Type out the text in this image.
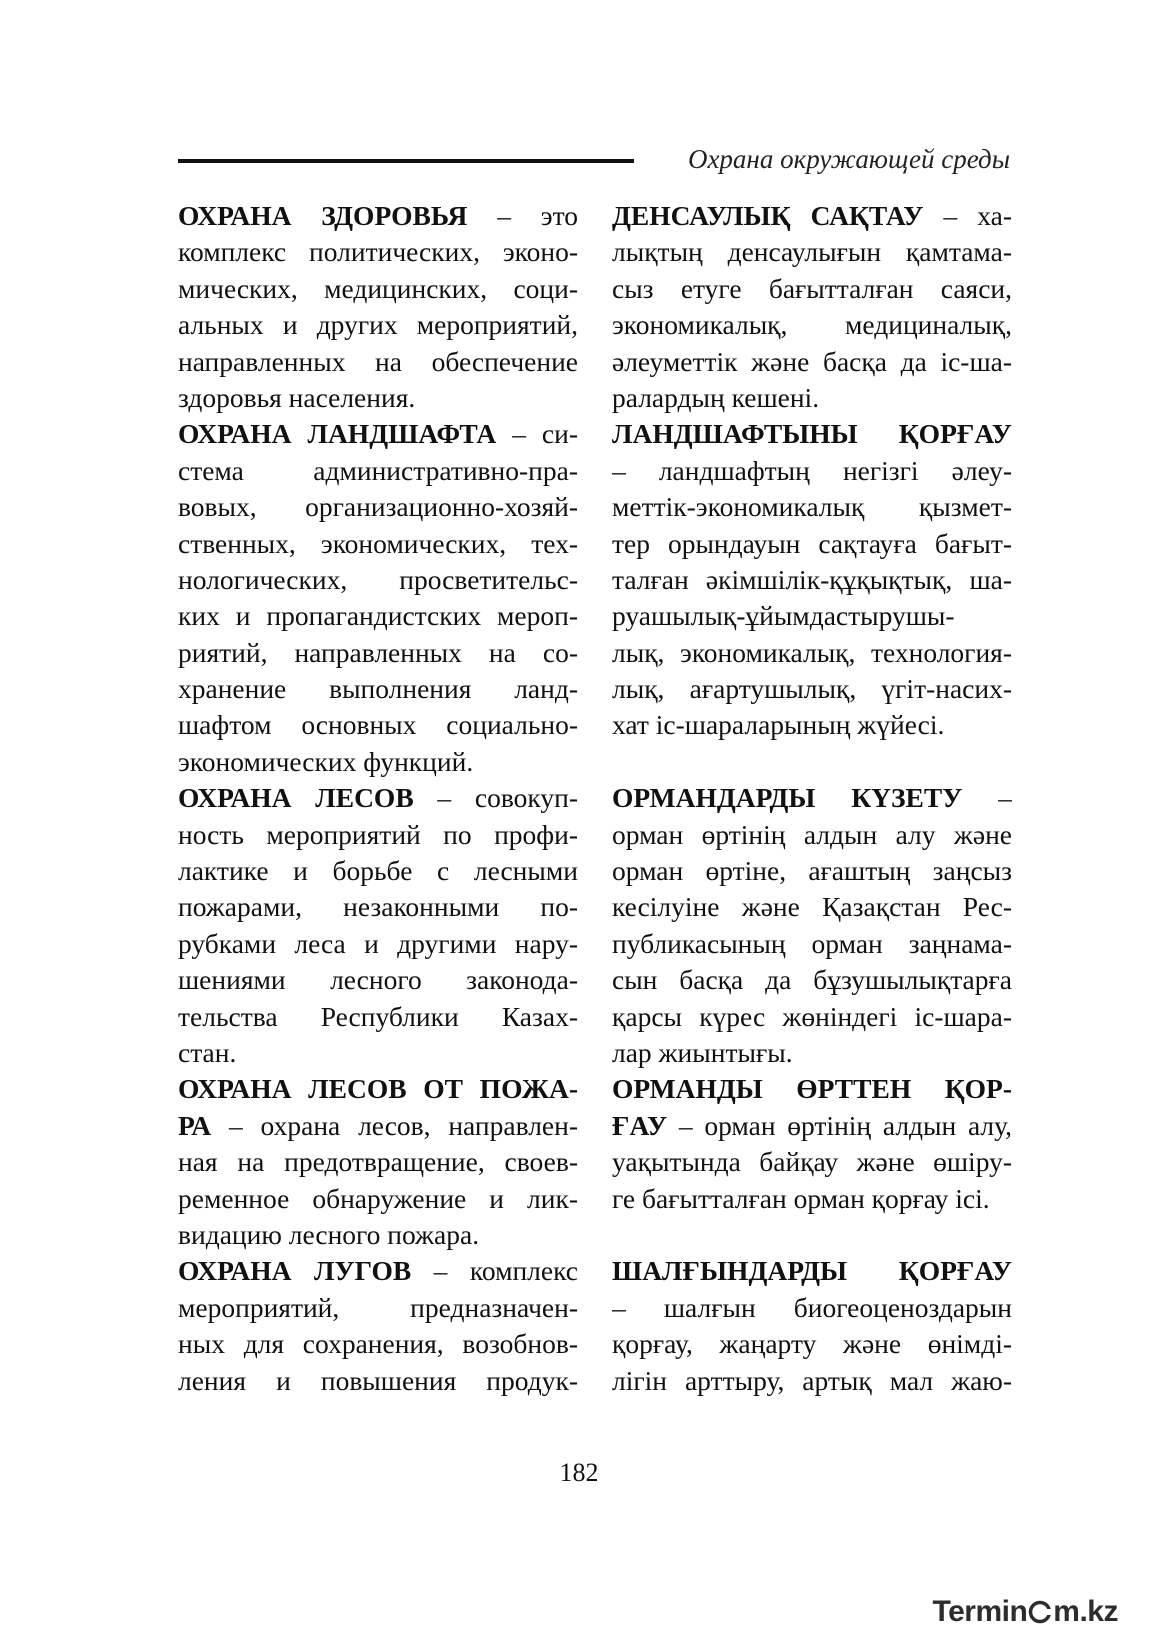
Охрана окружающей среды
ОХРАНА ЗДОРОВЬЯ – это
комплекс политических, эконо-
мических, медицинских, соци-
альных и других мероприятий,
направленных на обеспечение
здоровья населения.
ОХРАНА ЛАНДШАФТА – си-
стема административно-пра-
вовых, организационно-хозяй-
ственных, экономических, тех-
нологических, просветительс-
ких и пропагандистских мероп-
риятий, направленных на со-
хранение выполнения ланд-
шафтом основных социально-
экономических функций.
ОХРАНА ЛЕСОВ – совокуп-
ность мероприятий по профи-
лактике и борьбе с лесными
пожарами, незаконными по-
рубками леса и другими нару-
шениями лесного законода-
тельства Республики Казах-
стан.
ОХРАНА ЛЕСОВ ОТ ПОЖА-
РА – охрана лесов, направлен-
ная на предотвращение, своев-
ременное обнаружение и лик-
видацию лесного пожара.
ОХРАНА ЛУГОВ – комплекс
мероприятий, предназначен-
ных для сохранения, возобнов-
ления и повышения продук-
ДЕНСАУЛЫҚ САҚТАУ – ха-
лықтың денсаулығын қамтама-
сыз етуге бағытталған саяси,
экономикалық, медициналық,
әлеуметтік және басқа да іс-ша-
ралардың кешені.
ЛАНДШАФТЫНЫ ҚОРҒАУ
– ландшафтың негізгі әлеу-
меттік-экономикалық қызмет-
тер орындауын сақтауға бағыт-
талған әкімшілік-құқықтық, ша-
руашылық-ұйымдастырушы-
лық, экономикалық, технология-
лық, ағартушылық, үгіт-насиx-
хат іс-шараларының жүйесі.
ОРМАНДАРДЫ КҮЗЕТУ –
орман өртінің алдын алу және
орман өртіне, ағаштың заңсыз
кесілуіне және Қазақстан Рес-
публикасының орман заңнама-
сын басқа да бұзушылықтарға
қарсы күрес жөніндегі іс-шара-
лар жиынтығы.
ОРМАНДЫ ӨРТТЕН ҚОР-
ҒАУ – орман өртінің алдын алу,
уақытында байқау және өшіру-
ге бағытталған орман қорғау ісі.
ШАЛҒЫНДАРДЫ ҚОРҒАУ
– шалғын биогеоценоздарын
қорғау, жаңарту және өнімді-
лігін арттыру, артық мал жаю-
182
Termin m.kz
